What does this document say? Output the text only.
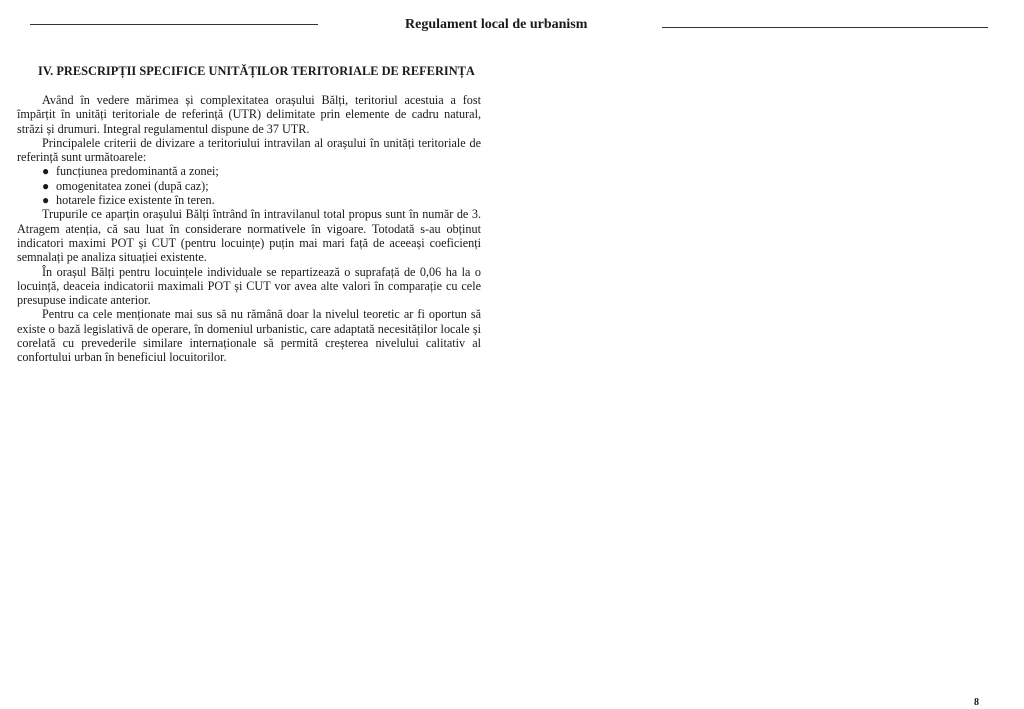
Regulament local de urbanism
IV. PRESCRIPȚII SPECIFICE UNITĂȚILOR TERITORIALE DE REFERINȚA

Având în vedere mărimea și complexitatea orașului Bălți, teritoriul acestuia a fost împărțit în unități teritoriale de referință (UTR) delimitate prin elemente de cadru natural, străzi și drumuri. Integral regulamentul dispune de 37 UTR.

Principalele criterii de divizare a teritoriului intravilan al orașului în unități teritoriale de referință sunt următoarele:

● funcțiunea predominantă a zonei;
● omogenitatea zonei (după caz);
● hotarele fizice existente în teren.

Trupurile ce aparțin orașului Bălți întrând în intravilanul total propus sunt în număr de 3. Atragem atenția, că sau luat în considerare normativele în vigoare. Totodată s-au obținut indicatori maximi POT și CUT (pentru locuințe) puțin mai mari față de aceeași coeficienți semnalați pe analiza situației existente.

În orașul Bălți pentru locuințele individuale se repartizează o suprafață de 0,06 ha la o locuință, deaceia indicatorii maximali POT și CUT vor avea alte valori în comparație cu cele presupuse indicate anterior.

Pentru ca cele menționate mai sus să nu rămână doar la nivelul teoretic ar fi oportun să existe o bază legislativă de operare, în domeniul urbanistic, care adaptată necesităților locale și corelată cu prevederile similare internaționale să permită creșterea nivelului calitativ al confortului urban în beneficiul locuitorilor.

8
